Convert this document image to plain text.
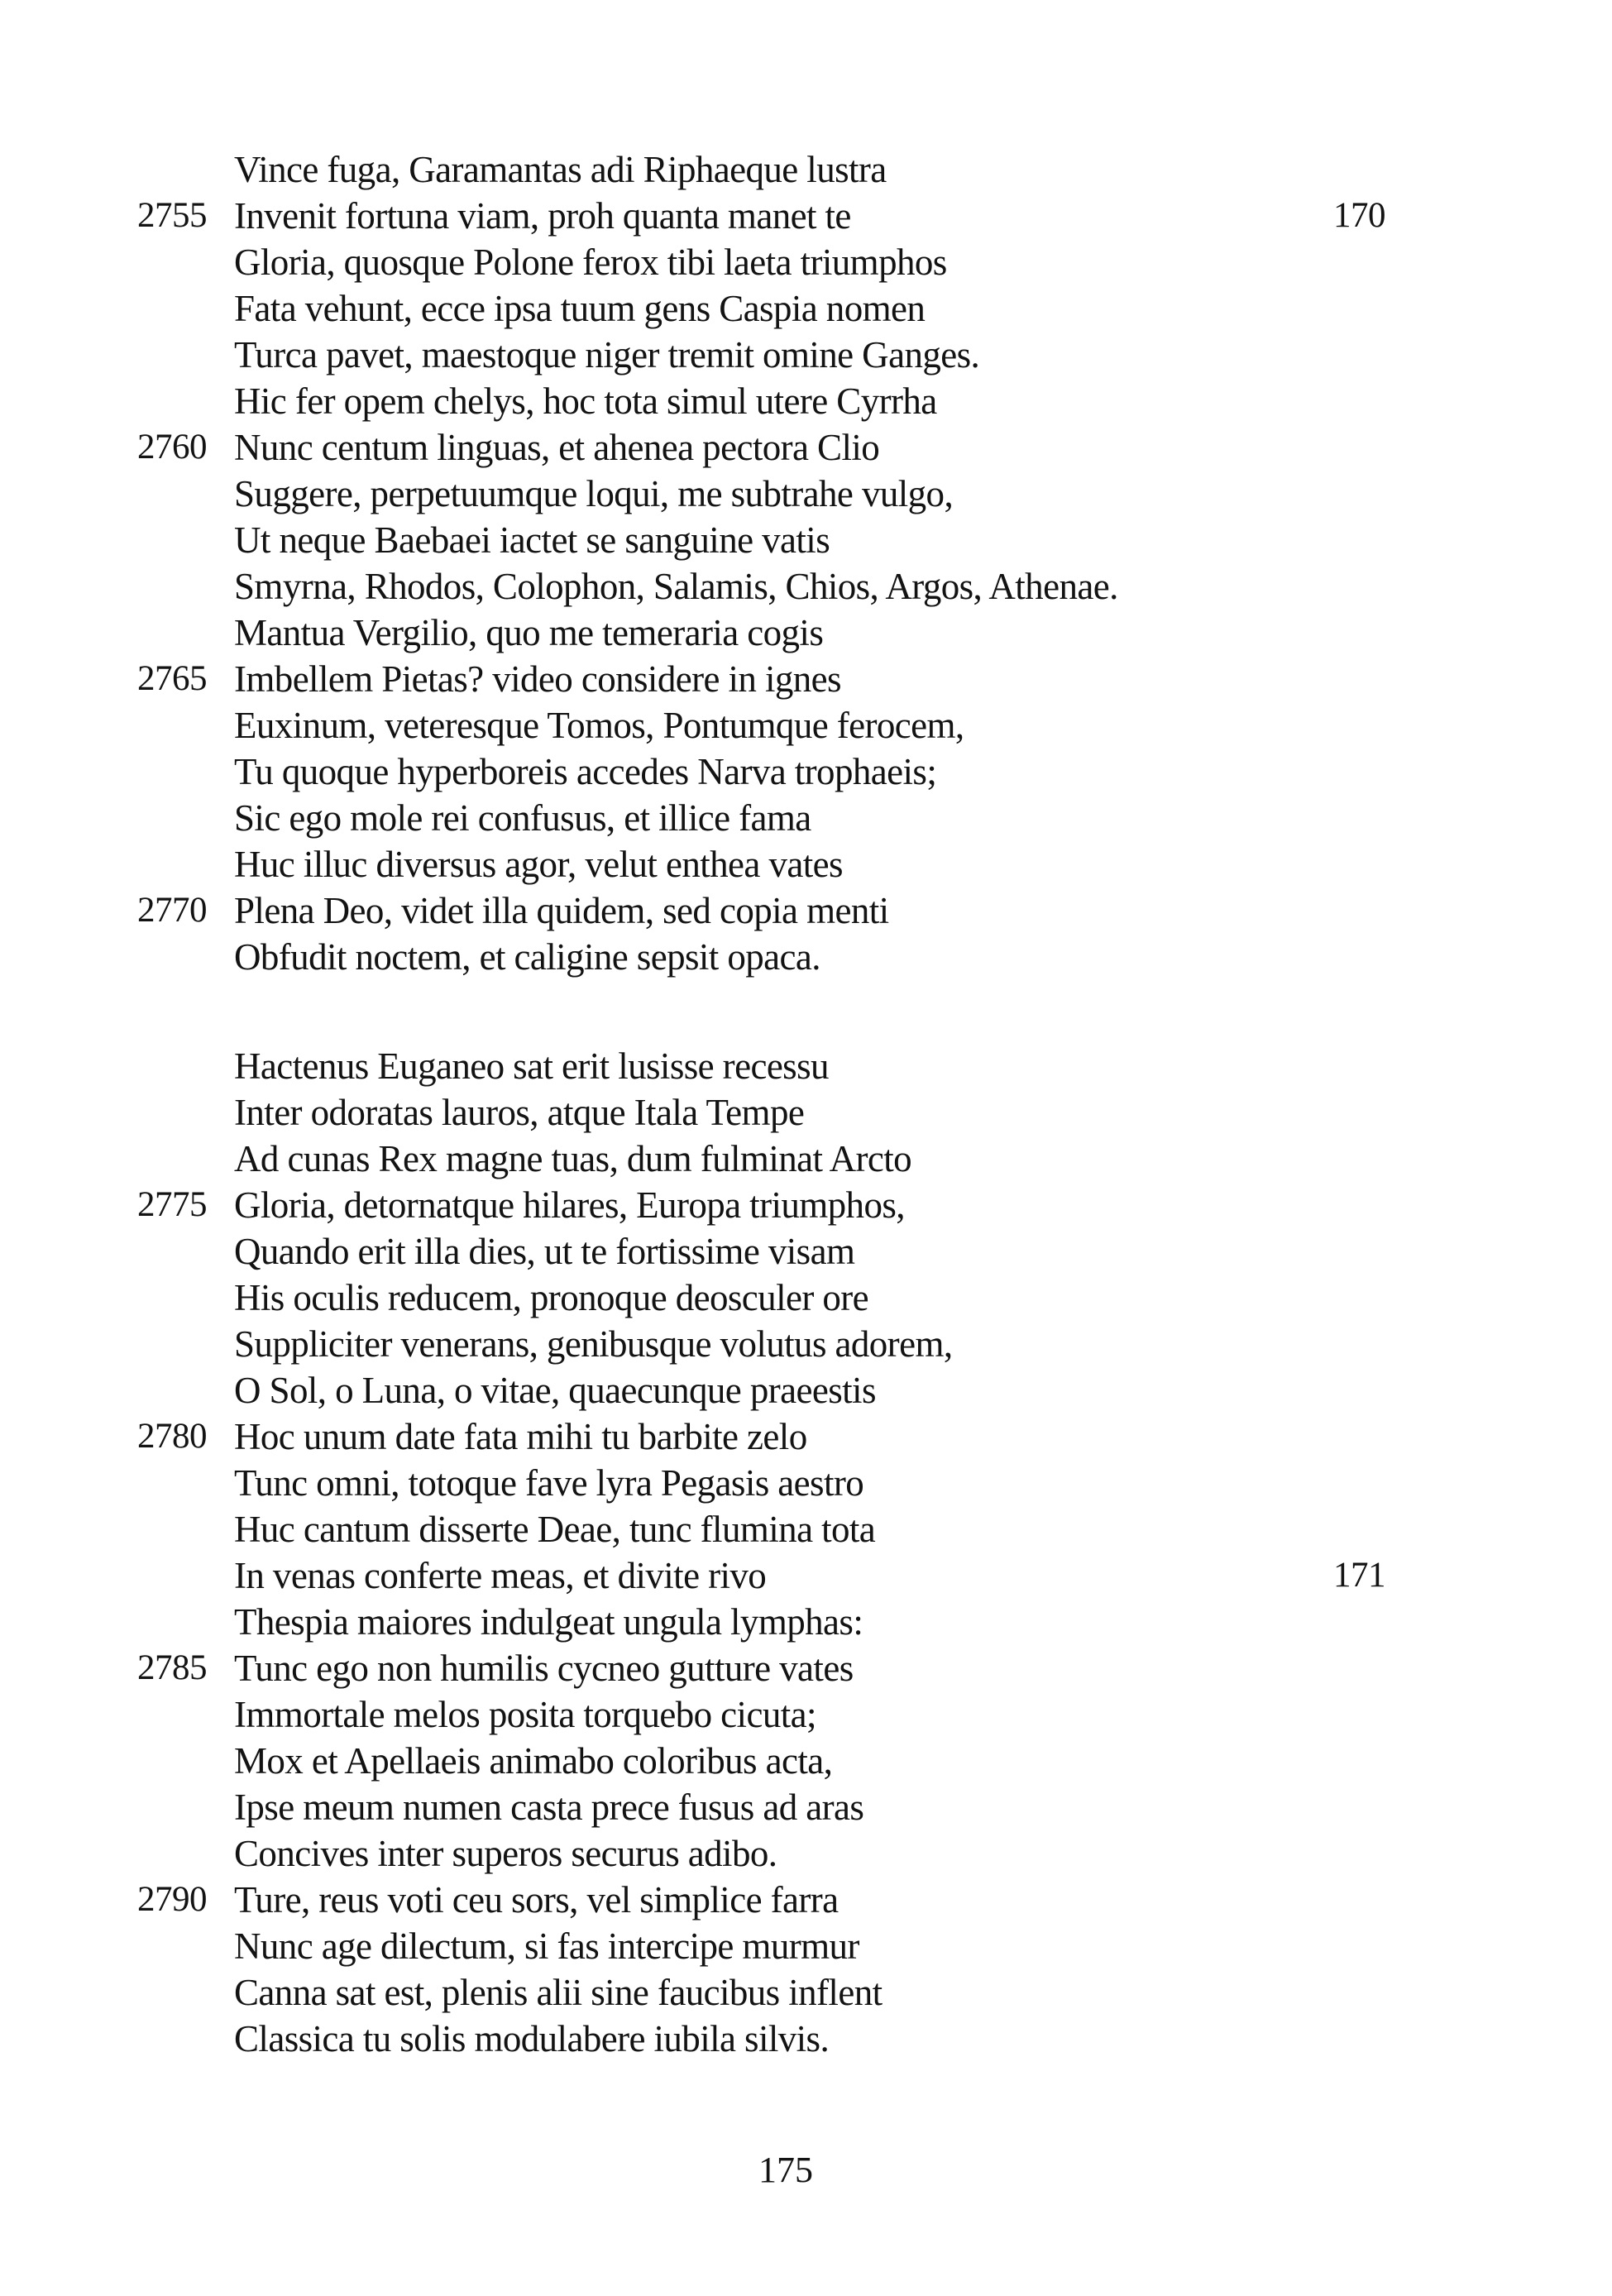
Vince fuga, Garamantas adi Riphaeque lustra
2755 Invenit fortuna viam, proh quanta manet te	170
Gloria, quosque Polone ferox tibi laeta triumphos
Fata vehunt, ecce ipsa tuum gens Caspia nomen
Turca pavet, maestoque niger tremit omine Ganges.
Hic fer opem chelys, hoc tota simul utere Cyrrha
2760 Nunc centum linguas, et ahenea pectora Clio
Suggere, perpetuumque loqui, me subtrahe vulgo,
Ut neque Baebaei iactet se sanguine vatis
Smyrna, Rhodos, Colophon, Salamis, Chios, Argos, Athenae.
Mantua Vergilio, quo me temeraria cogis
2765 Imbellem Pietas? video considere in ignes
Euxinum, veteresque Tomos, Pontumque ferocem,
Tu quoque hyperboreis accedes Narva trophaeis;
Sic ego mole rei confusus, et illice fama
Huc illuc diversus agor, velut enthea vates
2770 Plena Deo, videt illa quidem, sed copia menti
Obfudit noctem, et caligine sepsit opaca.
Hactenus Euganeo sat erit lusisse recessu
Inter odoratas lauros, atque Itala Tempe
Ad cunas Rex magne tuas, dum fulminat Arcto
2775 Gloria, detornatque hilares, Europa triumphos,
Quando erit illa dies, ut te fortissime visam
His oculis reducem, pronoque deosculer ore
Suppliciter venerans, genibusque volutus adorem,
O Sol, o Luna, o vitae, quaecunque praeestis
2780 Hoc unum date fata mihi tu barbite zelo
Tunc omni, totoque fave lyra Pegasis aestro
Huc cantum disserte Deae, tunc flumina tota
In venas conferte meas, et divite rivo	171
Thespia maiores indulgeat ungula lymphas:
2785 Tunc ego non humilis cycneo gutture vates
Immortale melos posita torquebo cicuta;
Mox et Apellaeis animabo coloribus acta,
Ipse meum numen casta prece fusus ad aras
Concives inter superos securus adibo.
2790 Ture, reus voti ceu sors, vel simplice farra
Nunc age dilectum, si fas intercipe murmur
Canna sat est, plenis alii sine faucibus inflent
Classica tu solis modulabere iubila silvis.
175
